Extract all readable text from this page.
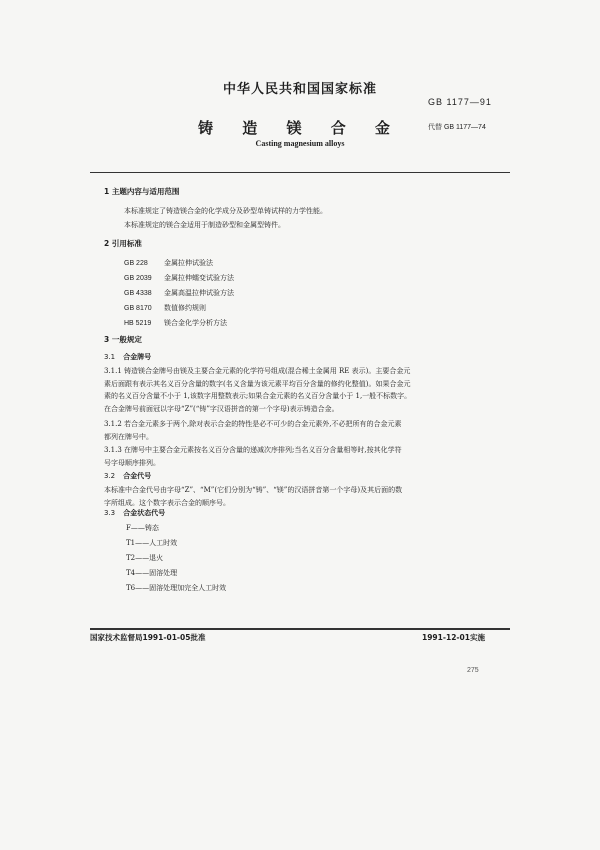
中华人民共和国国家标准
GB 1177—91
铸 造 镁 合 金	代替 GB 1177—74
Casting magnesium alloys
1 主题内容与适用范围
本标准规定了铸造镁合金的化学成分及砂型单铸试样的力学性能。
本标准规定的镁合金适用于制造砂型和金属型铸件。
2 引用标准
GB 228 金属拉伸试验法
GB 2039 金属拉伸蠕变试验方法
GB 4338 金属高温拉伸试验方法
GB 8170 数值修约规则
HB 5219 镁合金化学分析方法
3 一般规定
3.1 合金牌号
3.1.1 铸造镁合金牌号由镁及主要合金元素的化学符号组成(混合稀土金属用 RE 表示)。主要合金元
素后面跟有表示其名义百分含量的数字(名义含量为该元素平均百分含量的修约化整值)。如果合金元
素的名义百分含量不小于 1,该数字用整数表示;如果合金元素的名义百分含量小于 1,一般不标数字。
在合金牌号前面冠以字母“Z”(“铸”字汉语拼音的第一个字母)表示铸造合金。
3.1.2 若合金元素多于两个,除对表示合金的特性是必不可少的合金元素外,不必把所有的合金元素
都列在牌号中。
3.1.3 在牌号中主要合金元素按名义百分含量的递减次序排列;当名义百分含量相等时,按其化学符
号字母顺序排列。
3.2 合金代号
本标准中合金代号由字母“Z”、“M”(它们分别为“铸”、“镁”的汉语拼音第一个字母)及其后面的数
字所组成。这个数字表示合金的顺序号。
3.3 合金状态代号
F——铸态
T1——人工时效
T2——退火
T4——固溶处理
T6——固溶处理加完全人工时效
国家技术监督局1991-01-05批准	1991-12-01实施
275
